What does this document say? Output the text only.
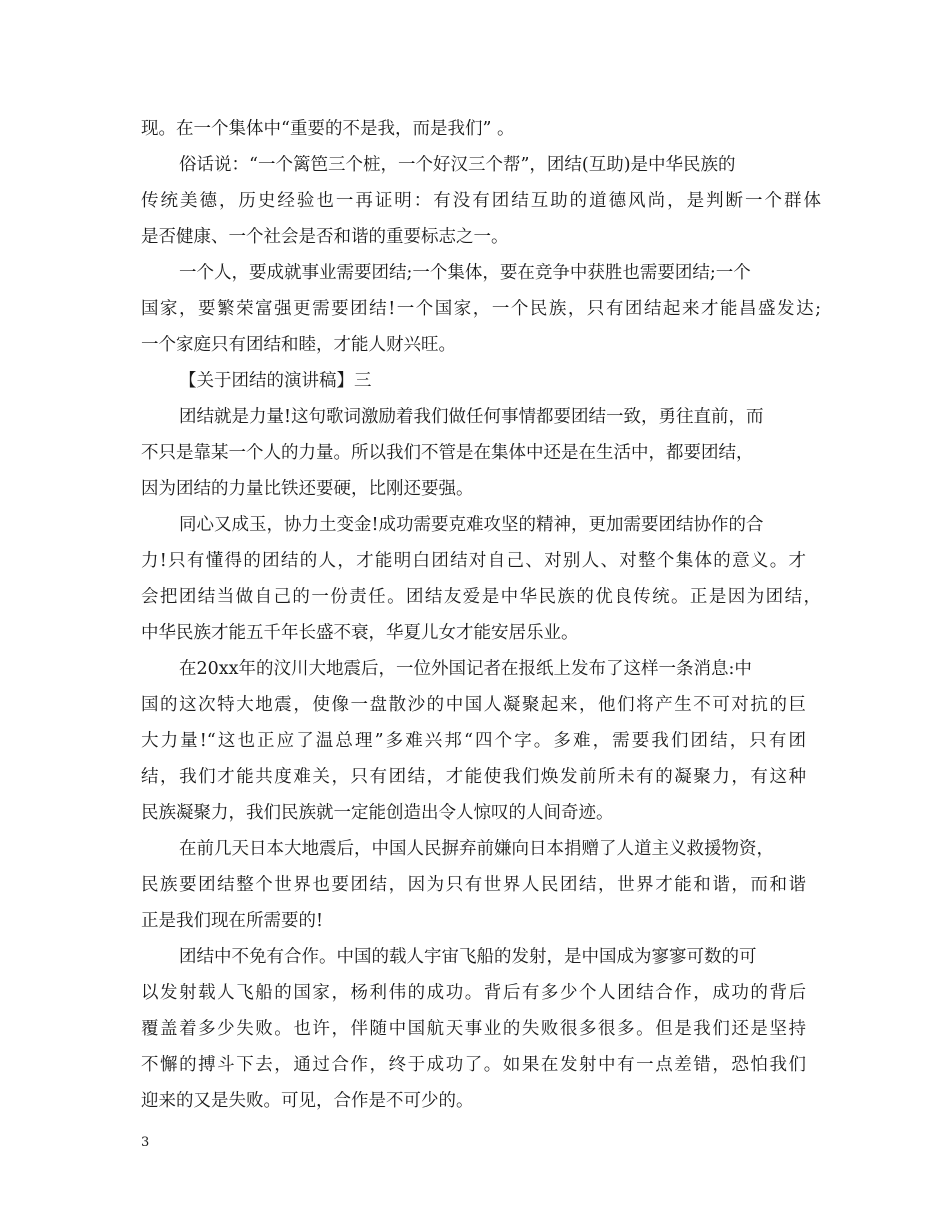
现。在一个集体中“重要的不是我，而是我们” 。
俗话说：“一个篱笆三个桩，一个好汉三个帮”，团结(互助)是中华民族的
传统美德，历史经验也一再证明：有没有团结互助的道德风尚，是判断一个群体
是否健康、一个社会是否和谐的重要标志之一。
一个人，要成就事业需要团结;一个集体，要在竞争中获胜也需要团结;一个
国家，要繁荣富强更需要团结!一个国家，一个民族，只有团结起来才能昌盛发达;
一个家庭只有团结和睦，才能人财兴旺。
【关于团结的演讲稿】三
团结就是力量!这句歌词激励着我们做任何事情都要团结一致，勇往直前，而
不只是靠某一个人的力量。所以我们不管是在集体中还是在生活中，都要团结，
因为团结的力量比铁还要硬，比刚还要强。
同心又成玉，协力土变金!成功需要克难攻坚的精神，更加需要团结协作的合
力!只有懂得的团结的人，才能明白团结对自己、对别人、对整个集体的意义。才
会把团结当做自己的一份责任。团结友爱是中华民族的优良传统。正是因为团结，
中华民族才能五千年长盛不衰，华夏儿女才能安居乐业。
在20xx年的汶川大地震后，一位外国记者在报纸上发布了这样一条消息:中
国的这次特大地震，使像一盘散沙的中国人凝聚起来，他们将产生不可对抗的巨
大力量!“这也正应了温总理”多难兴邦“四个字。多难，需要我们团结，只有团
结，我们才能共度难关，只有团结，才能使我们焕发前所未有的凝聚力，有这种
民族凝聚力，我们民族就一定能创造出令人惊叹的人间奇迹。
在前几天日本大地震后，中国人民摒弃前嫌向日本捐赠了人道主义救援物资，
民族要团结整个世界也要团结，因为只有世界人民团结，世界才能和谐，而和谐
正是我们现在所需要的!
团结中不免有合作。中国的载人宇宙飞船的发射，是中国成为寥寥可数的可
以发射载人飞船的国家，杨利伟的成功。背后有多少个人团结合作，成功的背后
覆盖着多少失败。也许，伴随中国航天事业的失败很多很多。但是我们还是坚持
不懈的搏斗下去，通过合作，终于成功了。如果在发射中有一点差错，恐怕我们
迎来的又是失败。可见，合作是不可少的。
3
